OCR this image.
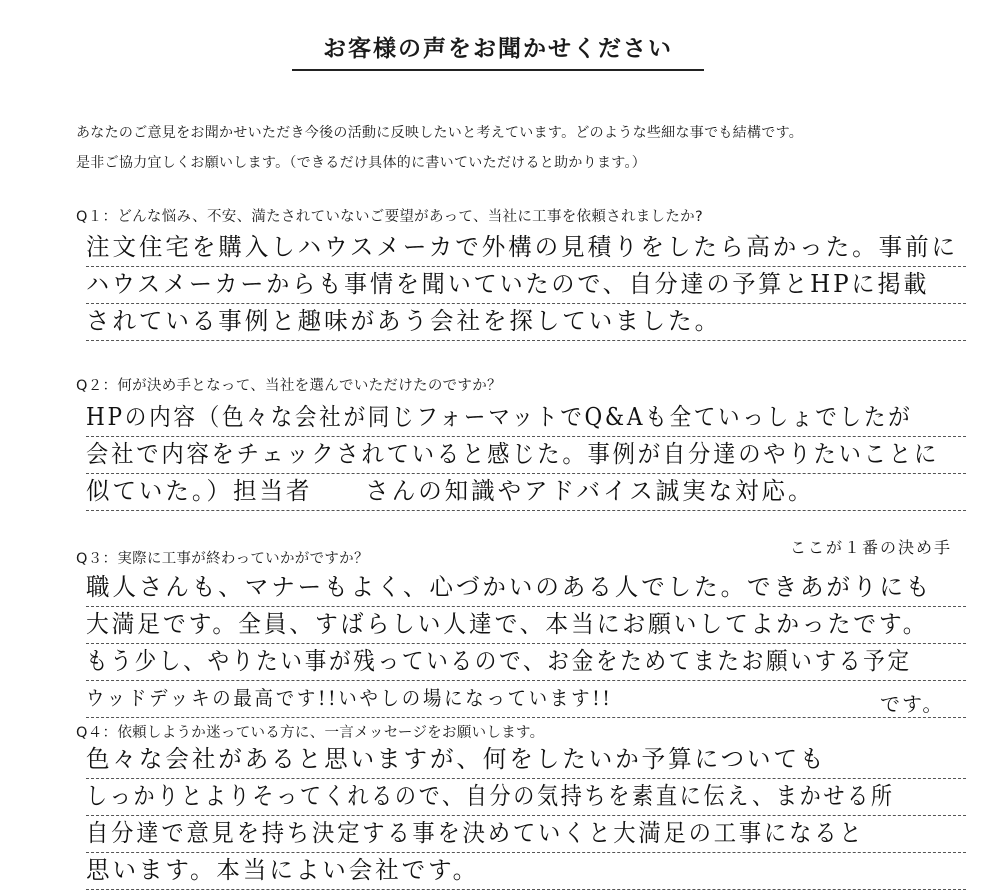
お客様の声をお聞かせください
あなたのご意見をお聞かせいただき今後の活動に反映したいと考えています。どのような些細な事でも結構です。
是非ご協力宜しくお願いします。（できるだけ具体的に書いていただけると助かります。）
Q１：どんな悩み、不安、満たされていないご要望があって、当社に工事を依頼されましたか?
注文住宅を購入しハウスメーカで外構の見積りをしたら高かった。事前に
ハウスメーカーからも事情を聞いていたので、自分達の予算とHPに掲載
されている事例と趣味があう会社を探していました。
Q２：何が決め手となって、当社を選んでいただけたのですか？
HPの内容（色々な会社が同じフォーマットでQ&Aも全ていっしょでしたが
会社で内容をチェックされていると感じた。事例が自分達のやりたいことに
似ていた。）担当者　　さんの知識やアドバイス誠実な対応。
ここが１番の決め手
Q３：実際に工事が終わっていかがですか？
職人さんも、マナーもよく、心づかいのある人でした。できあがりにも
大満足です。全員、すばらしい人達で、本当にお願いしてよかったです。
もう少し、やりたい事が残っているので、お金をためてまたお願いする予定
ウッドデッキの最高です!!いやしの場になっています!!	です。
Q４：依頼しようか迷っている方に、一言メッセージをお願いします。
色々な会社があると思いますが、何をしたいか予算についても
しっかりとよりそってくれるので、自分の気持ちを素直に伝え、まかせる所
自分達で意見を持ち決定する事を決めていくと大満足の工事になると
思います。本当によい会社です。
